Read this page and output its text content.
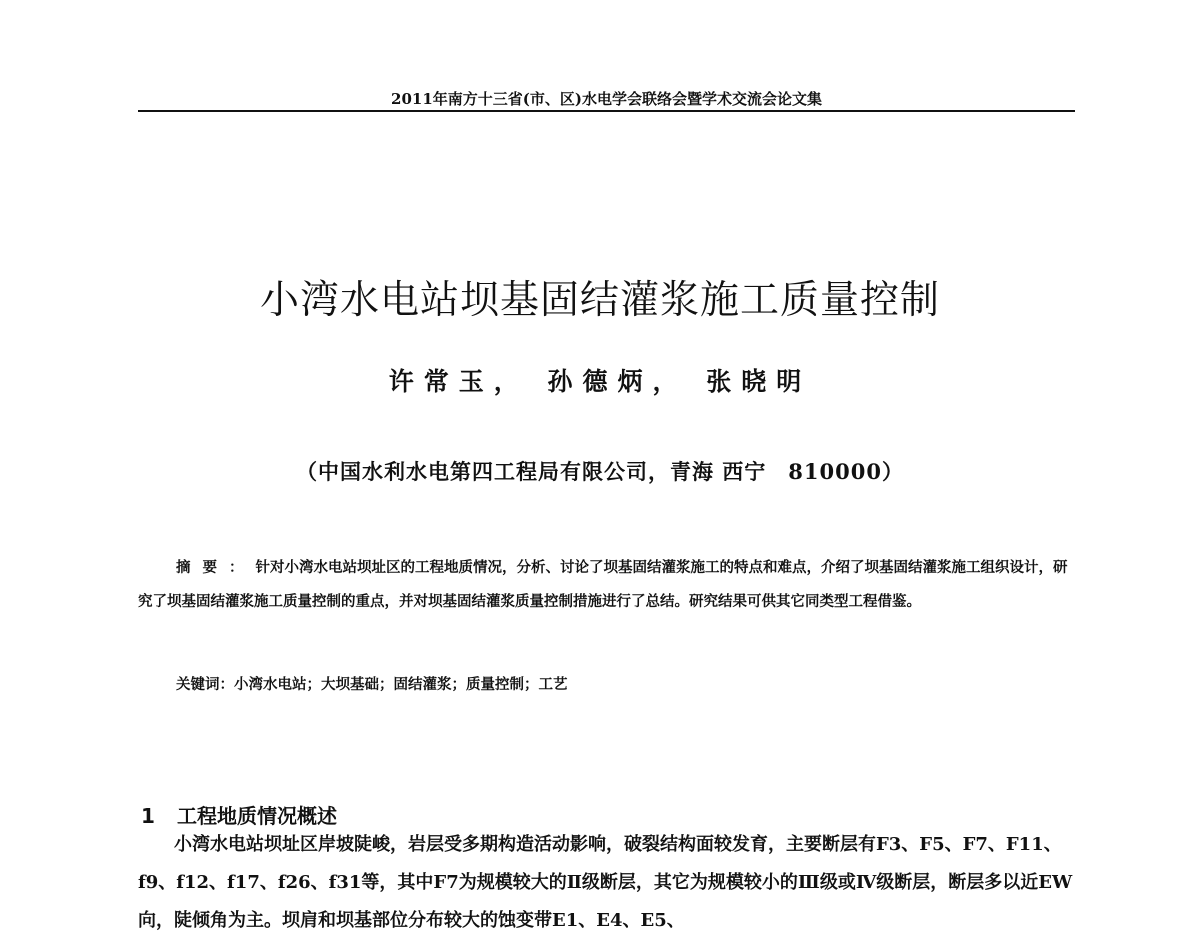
2011年南方十三省(市、区)水电学会联络会暨学术交流会论文集
小湾水电站坝基固结灌浆施工质量控制
许常玉， 孙德炳， 张晓明
（中国水利水电第四工程局有限公司，青海 西宁　810000）

摘要：针对小湾水电站坝址区的工程地质情况，分析、讨论了坝基固结灌浆施工的特点和难点，介绍了坝基固结灌浆施工组织设计，研究了坝基固结灌浆施工质量控制的重点，并对坝基固结灌浆质量控制措施进行了总结。研究结果可供其它同类型工程借鉴。

关键词：小湾水电站；大坝基础；固结灌浆；质量控制；工艺
1 工程地质情况概述

小湾水电站坝址区岸坡陡峻，岩层受多期构造活动影响，破裂结构面较发育，主要断层有F3、F5、F7、F11、f9、f12、f17、f26、f31等，其中F7为规模较大的Ⅱ级断层，其它为规模较小的Ⅲ级或Ⅳ级断层，断层多以近EW向，陡倾角为主。坝肩和坝基部位分布较大的蚀变带E1、E4、E5、
